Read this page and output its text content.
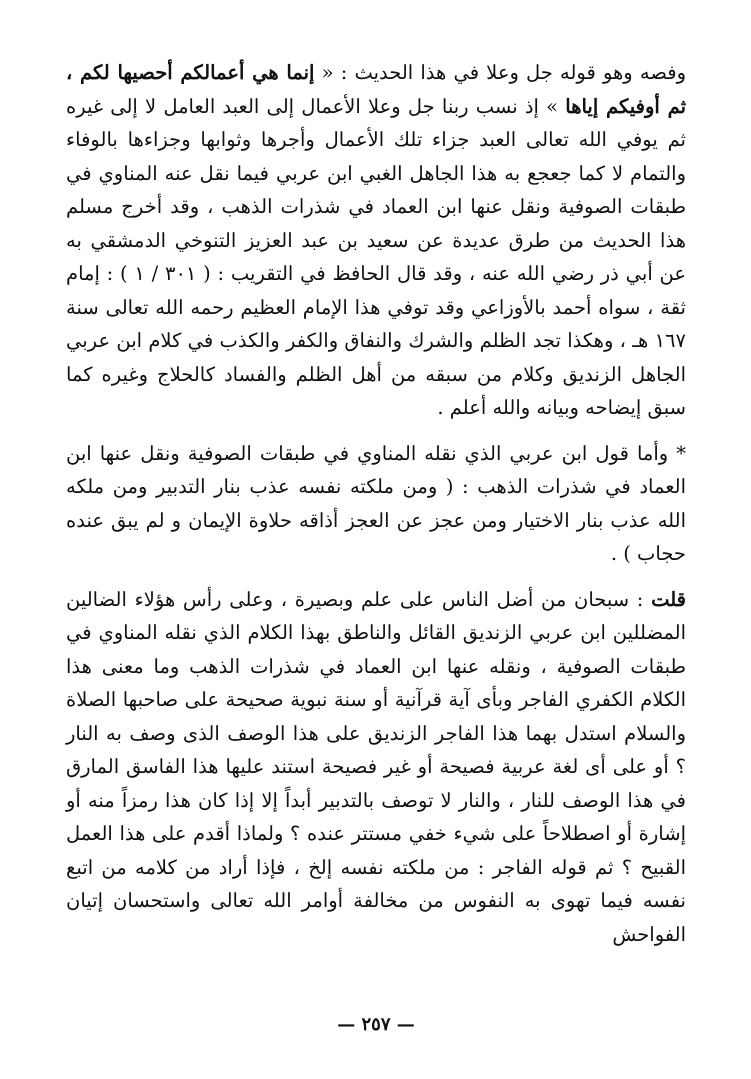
وفصه وهو قوله جل وعلا في هذا الحديث : « إنما هي أعمالكم أحصيها لكم ، ثم أوفيكم إياها » إذ نسب ربنا جل وعلا الأعمال إلى العبد العامل لا إلى غيره ثم يوفي الله تعالى العبد جزاء تلك الأعمال وأجرها وثوابها وجزاءها بالوفاء والتمام لا كما جعجع به هذا الجاهل الغبي ابن عربي فيما نقل عنه المناوي في طبقات الصوفية ونقل عنها ابن العماد في شذرات الذهب ، وقد أخرج مسلم هذا الحديث من طرق عديدة عن سعيد بن عبد العزيز التنوخي الدمشقي به عن أبي ذر رضي الله عنه ، وقد قال الحافظ في التقريب : ( ٣٠١ / ١ ) : إمام ثقة ، سواه أحمد بالأوزاعي وقد توفي هذا الإمام العظيم رحمه الله تعالى سنة ١٦٧ هـ ، وهكذا تجد الظلم والشرك والنفاق والكفر والكذب في كلام ابن عربي الجاهل الزنديق وكلام من سبقه من أهل الظلم والفساد كالحلاج وغيره كما سبق إيضاحه وبيانه والله أعلم .

* وأما قول ابن عربي الذي نقله المناوي في طبقات الصوفية ونقل عنها ابن العماد في شذرات الذهب : ( ومن ملكته نفسه عذب بنار التدبير ومن ملكه الله عذب بنار الاختيار ومن عجز عن العجز أذاقه حلاوة الإيمان و لم يبق عنده حجاب ) .

قلت : سبحان من أضل الناس على علم وبصيرة ، وعلى رأس هؤلاء الضالين المضللين ابن عربي الزنديق القائل والناطق بهذا الكلام الذي نقله المناوي في طبقات الصوفية ، ونقله عنها ابن العماد في شذرات الذهب وما معنى هذا الكلام الكفري الفاجر وبأى آية قرآنية أو سنة نبوية صحيحة على صاحبها الصلاة والسلام استدل بهما هذا الفاجر الزنديق على هذا الوصف الذى وصف به النار ؟ أو على أى لغة عربية فصيحة أو غير فصيحة استند عليها هذا الفاسق المارق في هذا الوصف للنار ، والنار لا توصف بالتدبير أبداً إلا إذا كان هذا رمزاً منه أو إشارة أو اصطلاحاً على شيء خفي مستتر عنده ؟ ولماذا أقدم على هذا العمل القبيح ؟ ثم قوله الفاجر : من ملكته نفسه إلخ ، فإذا أراد من كلامه من اتبع نفسه فيما تهوى به النفوس من مخالفة أوامر الله تعالى واستحسان إتيان الفواحش

— ٢٥٧ —
